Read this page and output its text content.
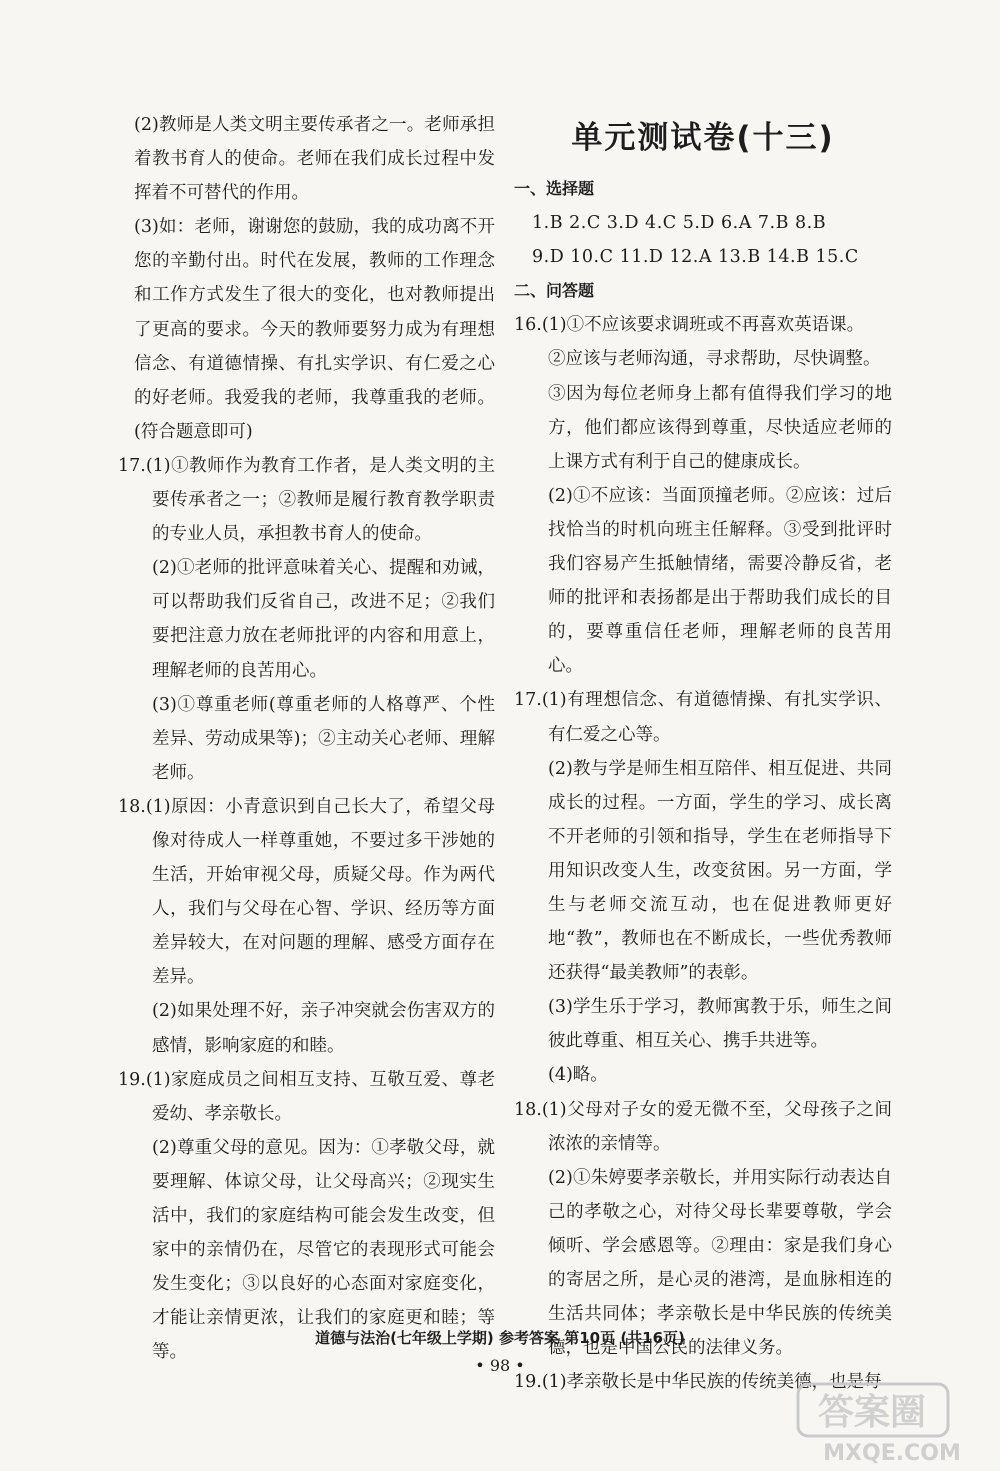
(2)教师是人类文明主要传承者之一。老师承担着教书育人的使命。老师在我们成长过程中发挥着不可替代的作用。

(3)如：老师，谢谢您的鼓励，我的成功离不开您的辛勤付出。时代在发展，教师的工作理念和工作方式发生了很大的变化，也对教师提出了更高的要求。今天的教师要努力成为有理想信念、有道德情操、有扎实学识、有仁爱之心的好老师。我爱我的老师，我尊重我的老师。(符合题意即可)

17.(1)①教师作为教育工作者，是人类文明的主要传承者之一；②教师是履行教育教学职责的专业人员，承担教书育人的使命。

(2)①老师的批评意味着关心、提醒和劝诫，可以帮助我们反省自己，改进不足；②我们要把注意力放在老师批评的内容和用意上，理解老师的良苦用心。

(3)①尊重老师(尊重老师的人格尊严、个性差异、劳动成果等)；②主动关心老师、理解老师。

18.(1)原因：小青意识到自己长大了，希望父母像对待成人一样尊重她，不要过多干涉她的生活，开始审视父母，质疑父母。作为两代人，我们与父母在心智、学识、经历等方面差异较大，在对问题的理解、感受方面存在差异。

(2)如果处理不好，亲子冲突就会伤害双方的感情，影响家庭的和睦。

19.(1)家庭成员之间相互支持、互敬互爱、尊老爱幼、孝亲敬长。

(2)尊重父母的意见。因为：①孝敬父母，就要理解、体谅父母，让父母高兴；②现实生活中，我们的家庭结构可能会发生改变，但家中的亲情仍在，尽管它的表现形式可能会发生变化；③以良好的心态面对家庭变化，才能让亲情更浓，让我们的家庭更和睦；等等。

单元测试卷(十三)

一、选择题

1.B 2.C 3.D 4.C 5.D 6.A 7.B 8.B

9.D 10.C 11.D 12.A 13.B 14.B 15.C

二、问答题

16.(1)①不应该要求调班或不再喜欢英语课。

②应该与老师沟通，寻求帮助，尽快调整。

③因为每位老师身上都有值得我们学习的地方，他们都应该得到尊重，尽快适应老师的上课方式有利于自己的健康成长。

(2)①不应该：当面顶撞老师。②应该：过后找恰当的时机向班主任解释。③受到批评时我们容易产生抵触情绪，需要冷静反省，老师的批评和表扬都是出于帮助我们成长的目的，要尊重信任老师，理解老师的良苦用心。

17.(1)有理想信念、有道德情操、有扎实学识、有仁爱之心等。

(2)教与学是师生相互陪伴、相互促进、共同成长的过程。一方面，学生的学习、成长离不开老师的引领和指导，学生在老师指导下用知识改变人生，改变贫困。另一方面，学生与老师交流互动，也在促进教师更好地“教”，教师也在不断成长，一些优秀教师还获得“最美教师”的表彰。

(3)学生乐于学习，教师寓教于乐，师生之间彼此尊重、相互关心、携手共进等。

(4)略。

18.(1)父母对子女的爱无微不至，父母孩子之间浓浓的亲情等。

(2)①朱婷要孝亲敬长，并用实际行动表达自己的孝敬之心，对待父母长辈要尊敬，学会倾听、学会感恩等。②理由：家是我们身心的寄居之所，是心灵的港湾，是血脉相连的生活共同体；孝亲敬长是中华民族的传统美德，也是中国公民的法律义务。

19.(1)孝亲敬长是中华民族的传统美德，也是每

道德与法治(七年级上学期) 参考答案 第10页 (共16页)
• 98 •
答案圈
MXQE.COM
